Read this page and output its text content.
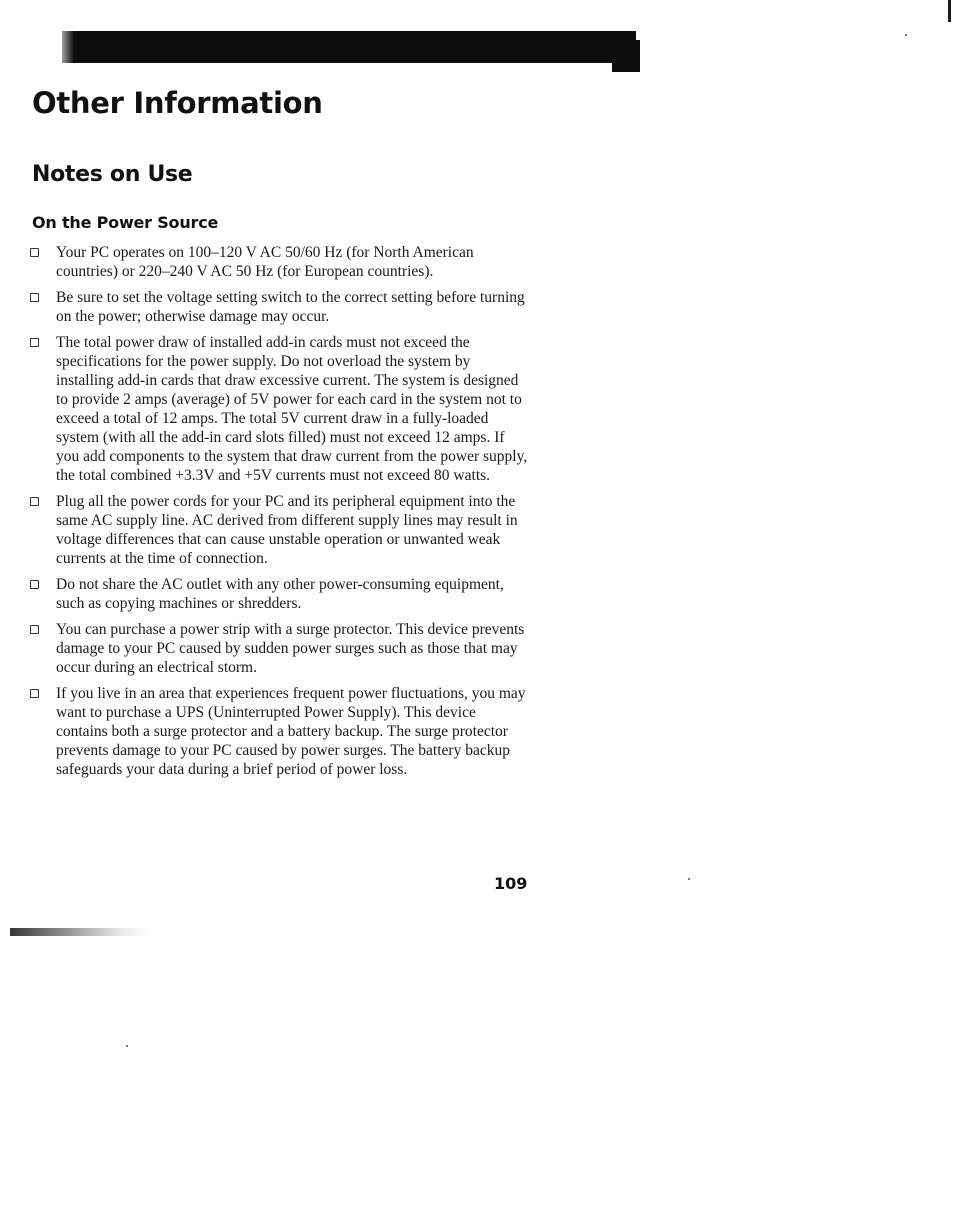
Other Information
Notes on Use
On the Power Source
Your PC operates on 100–120 V AC 50/60 Hz (for North American countries) or 220–240 V AC 50 Hz (for European countries).
Be sure to set the voltage setting switch to the correct setting before turning on the power; otherwise damage may occur.
The total power draw of installed add-in cards must not exceed the specifications for the power supply. Do not overload the system by installing add-in cards that draw excessive current. The system is designed to provide 2 amps (average) of 5V power for each card in the system not to exceed a total of 12 amps. The total 5V current draw in a fully-loaded system (with all the add-in card slots filled) must not exceed 12 amps. If you add components to the system that draw current from the power supply, the total combined +3.3V and +5V currents must not exceed 80 watts.
Plug all the power cords for your PC and its peripheral equipment into the same AC supply line. AC derived from different supply lines may result in voltage differences that can cause unstable operation or unwanted weak currents at the time of connection.
Do not share the AC outlet with any other power-consuming equipment, such as copying machines or shredders.
You can purchase a power strip with a surge protector. This device prevents damage to your PC caused by sudden power surges such as those that may occur during an electrical storm.
If you live in an area that experiences frequent power fluctuations, you may want to purchase a UPS (Uninterrupted Power Supply). This device contains both a surge protector and a battery backup. The surge protector prevents damage to your PC caused by power surges. The battery backup safeguards your data during a brief period of power loss.
109
